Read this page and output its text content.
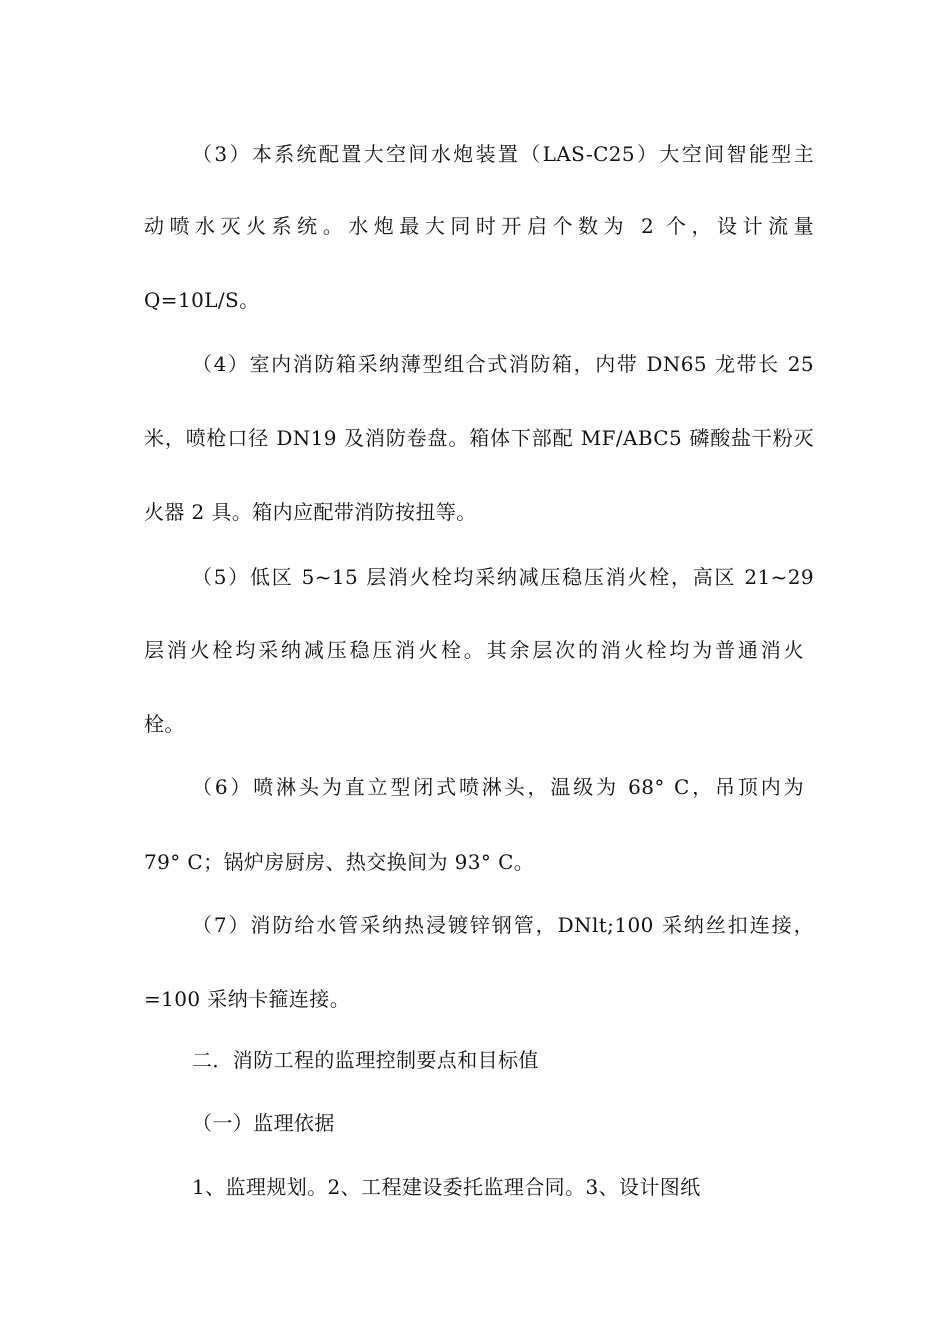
（3）本系统配置大空间水炮装置（LAS-C25）大空间智能型主
动喷水灭火系统。水炮最大同时开启个数为 2 个，设计流量
Q=10L/S。
（4）室内消防箱采纳薄型组合式消防箱，内带 DN65 龙带长 25
米，喷枪口径 DN19 及消防卷盘。箱体下部配 MF/ABC5 磷酸盐干粉灭
火器 2 具。箱内应配带消防按扭等。
（5）低区 5~15 层消火栓均采纳减压稳压消火栓，高区 21~29
层消火栓均采纳减压稳压消火栓。其余层次的消火栓均为普通消火
栓。
（6）喷淋头为直立型闭式喷淋头，温级为 68° C，吊顶内为
79° C；锅炉房厨房、热交换间为 93° C。
（7）消防给水管采纳热浸镀锌钢管，DNlt;100 采纳丝扣连接，
=100 采纳卡箍连接。
二．消防工程的监理控制要点和目标值
（一）监理依据
1、监理规划。2、工程建设委托监理合同。3、设计图纸
